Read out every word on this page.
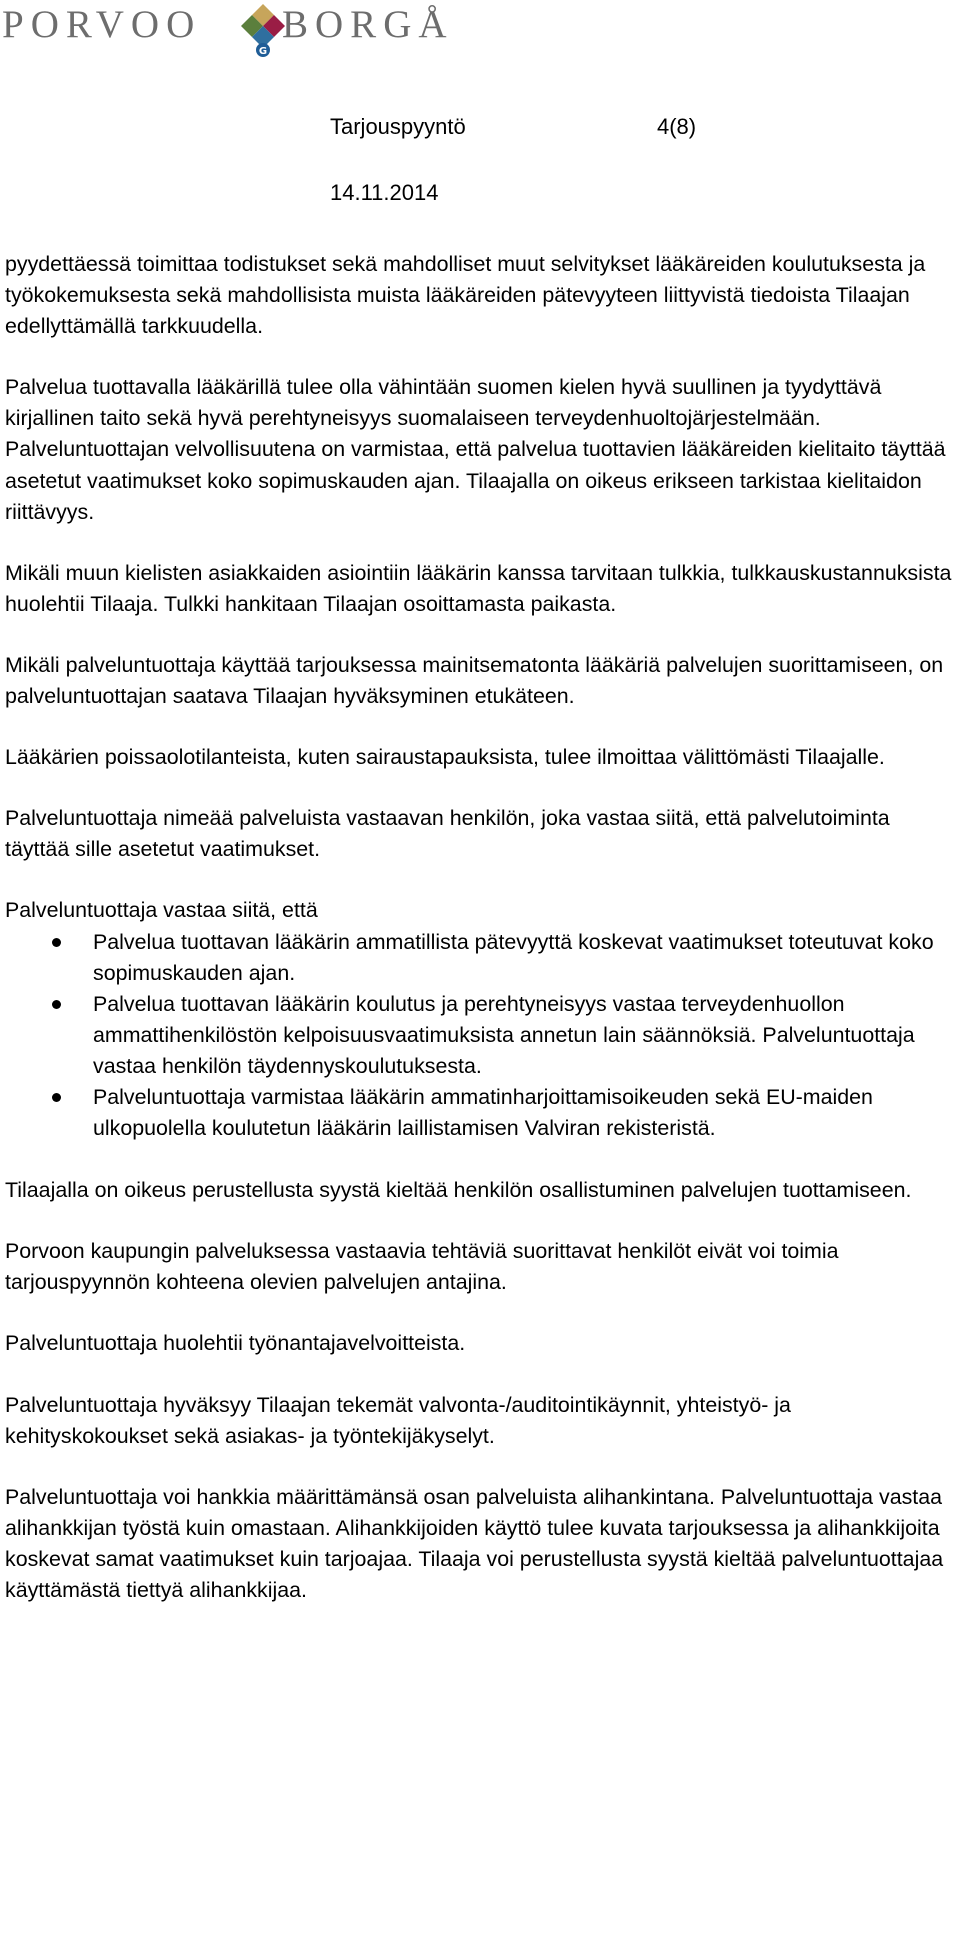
PORVOO
G
BORGÅ
Tarjouspyyntö	4(8)
14.11.2014

pyydettäessä toimittaa todistukset sekä mahdolliset muut selvitykset lääkäreiden koulutuksesta ja työkokemuksesta sekä mahdollisista muista lääkäreiden pätevyyteen liittyvistä tiedoista Tilaajan edellyttämällä tarkkuudella.

Palvelua tuottavalla lääkärillä tulee olla vähintään suomen kielen hyvä suullinen ja tyydyttävä kirjallinen taito sekä hyvä perehtyneisyys suomalaiseen terveydenhuoltojärjestelmään. Palveluntuottajan velvollisuutena on varmistaa, että palvelua tuottavien lääkäreiden kielitaito täyttää asetetut vaatimukset koko sopimuskauden ajan. Tilaajalla on oikeus erikseen tarkistaa kielitaidon riittävyys.

Mikäli muun kielisten asiakkaiden asiointiin lääkärin kanssa tarvitaan tulkkia, tulkkauskustannuksista huolehtii Tilaaja. Tulkki hankitaan Tilaajan osoittamasta paikasta.

Mikäli palveluntuottaja käyttää tarjouksessa mainitsematonta lääkäriä palvelujen suorittamiseen, on palveluntuottajan saatava Tilaajan hyväksyminen etukäteen.

Lääkärien poissaolotilanteista, kuten sairaustapauksista, tulee ilmoittaa välittömästi Tilaajalle.

Palveluntuottaja nimeää palveluista vastaavan henkilön, joka vastaa siitä, että palvelutoiminta täyttää sille asetetut vaatimukset.

Palveluntuottaja vastaa siitä, että

Palvelua tuottavan lääkärin ammatillista pätevyyttä koskevat vaatimukset toteutuvat koko sopimuskauden ajan.
Palvelua tuottavan lääkärin koulutus ja perehtyneisyys vastaa terveydenhuollon ammattihenkilöstön kelpoisuusvaatimuksista annetun lain säännöksiä. Palveluntuottaja vastaa henkilön täydennyskoulutuksesta.
Palveluntuottaja varmistaa lääkärin ammatinharjoittamisoikeuden sekä EU-maiden ulkopuolella koulutetun lääkärin laillistamisen Valviran rekisteristä.

Tilaajalla on oikeus perustellusta syystä kieltää henkilön osallistuminen palvelujen tuottamiseen.

Porvoon kaupungin palveluksessa vastaavia tehtäviä suorittavat henkilöt eivät voi toimia tarjouspyynnön kohteena olevien palvelujen antajina.

Palveluntuottaja huolehtii työnantajavelvoitteista.

Palveluntuottaja hyväksyy Tilaajan tekemät valvonta-/auditointikäynnit, yhteistyö- ja kehityskokoukset sekä asiakas- ja työntekijäkyselyt.

Palveluntuottaja voi hankkia määrittämänsä osan palveluista alihankintana. Palveluntuottaja vastaa alihankkijan työstä kuin omastaan. Alihankkijoiden käyttö tulee kuvata tarjouksessa ja alihankkijoita koskevat samat vaatimukset kuin tarjoajaa. Tilaaja voi perustellusta syystä kieltää palveluntuottajaa käyttämästä tiettyä alihankkijaa.
